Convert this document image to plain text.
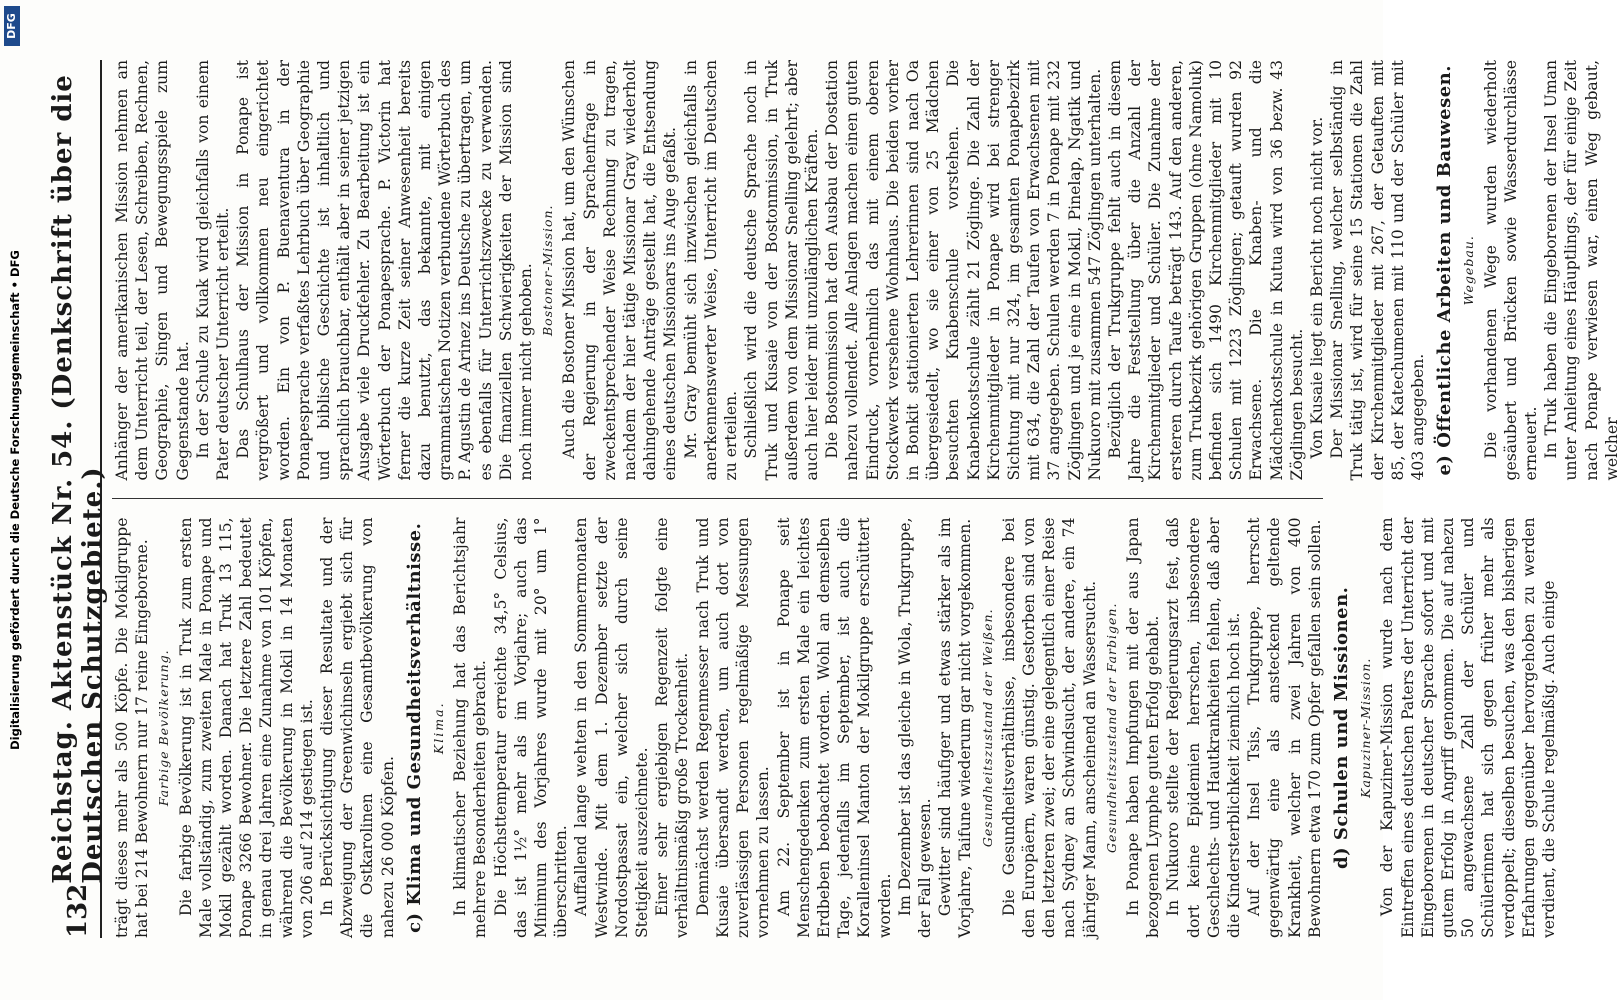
Digitalisierung gefördert durch die Deutsche Forschungsgemeinschaft • DFG
DFG
132
Reichstag. Aktenstück Nr. 54. (Denkschrift über die Deutschen Schutzgebiete.) trägt dieses mehr als 500 Köpfe. Die Mokilgruppe hat bei 214 Bewohnern nur 17 reine Eingeborene. Farbige Bevölkerung. Die farbige Bevölkerung ist in Truk zum ersten Male vollständig, zum zweiten Male in Ponape und Mokil gezählt worden. Danach hat Truk 13 115, Ponape 3266 Bewohner. Die letztere Zahl bedeutet in genau drei Jahren eine Zunahme von 101 Köpfen, während die Bevölkerung in Mokil in 14 Monaten von 206 auf 214 gestiegen ist. In Berücksichtigung dieser Resultate und der Abzweigung der Greenwichinseln ergiebt sich für die Ostkarolinen eine Gesamtbevölkerung von nahezu 26 000 Köpfen. c) Klima und Gesundheitsverhältnisse. Klima. In klimatischer Beziehung hat das Berichtsjahr mehrere Besonderheiten gebracht. Die Höchsttemperatur erreichte 34,5° Celsius, das ist 1½° mehr als im Vorjahre; auch das Minimum des Vorjahres wurde mit 20° um 1° überschritten. Auffallend lange wehten in den Sommermonaten Westwinde. Mit dem 1. Dezember setzte der Nordostpassat ein, welcher sich durch seine Stetigkeit auszeichnete. Einer sehr ergiebigen Regenzeit folgte eine verhältnismäßig große Trockenheit. Demnächst werden Regenmesser nach Truk und Kusaie übersandt werden, um auch dort von zuverlässigen Personen regelmäßige Messungen vornehmen zu lassen. Am 22. September ist in Ponape seit Menschengedenken zum ersten Male ein leichtes Erdbeben beobachtet worden. Wohl an demselben Tage, jedenfalls im September, ist auch die Koralleninsel Manton der Mokilgruppe erschüttert worden. Im Dezember ist das gleiche in Wola, Trukgruppe, der Fall gewesen. Gewitter sind häufiger und etwas stärker als im Vorjahre, Taifune wiederum gar nicht vorgekommen. Gesundheitszustand der Weißen. Die Gesundheitsverhältnisse, insbesondere bei den Europäern, waren günstig. Gestorben sind von den letzteren zwei; der eine gelegentlich einer Reise nach Sydney an Schwindsucht, der andere, ein 74 jähriger Mann, anscheinend an Wassersucht. Gesundheitszustand der Farbigen. In Ponape haben Impfungen mit der aus Japan bezogenen Lymphe guten Erfolg gehabt. In Nukuoro stellte der Regierungsarzt fest, daß dort keine Epidemien herrschen, insbesondere Geschlechts- und Hautkrankheiten fehlen, daß aber die Kindersterblichkeit ziemlich hoch ist. Auf der Insel Tsis, Trukgruppe, herrscht gegenwärtig eine als ansteckend geltende Krankheit, welcher in zwei Jahren von 400 Bewohnern etwa 170 zum Opfer gefallen sein sollen. d) Schulen und Missionen. Kapuziner-Mission. Von der Kapuziner-Mission wurde nach dem Eintreffen eines deutschen Paters der Unterricht der Eingeborenen in deutscher Sprache sofort und mit gutem Erfolg in Angriff genommen. Die auf nahezu 50 angewachsene Zahl der Schüler und Schülerinnen hat sich gegen früher mehr als verdoppelt; dieselben besuchen, was den bisherigen Erfahrungen gegenüber hervorgehoben zu werden verdient, die Schule regelmäßig. Auch einige

Anhänger der amerikanischen Mission nehmen an dem Unterricht teil, der Lesen, Schreiben, Rechnen, Geographie, Singen und Bewegungsspiele zum Gegenstande hat. In der Schule zu Kuak wird gleichfalls von einem Pater deutscher Unterricht erteilt. Das Schulhaus der Mission in Ponape ist vergrößert und vollkommen neu eingerichtet worden. Ein von P. Buenaventura in der Ponapesprache verfaßtes Lehrbuch über Geographie und biblische Geschichte ist inhaltlich und sprachlich brauchbar, enthält aber in seiner jetzigen Ausgabe viele Druckfehler. Zu Bearbeitung ist ein Wörterbuch der Ponapesprache. P. Victorin hat ferner die kurze Zeit seiner Anwesenheit bereits dazu benutzt, das bekannte, mit einigen grammatischen Notizen verbundene Wörterbuch des P. Agustin de Arinez ins Deutsche zu übertragen, um es ebenfalls für Unterrichtszwecke zu verwenden. Die finanziellen Schwierigkeiten der Mission sind noch immer nicht gehoben. Bostoner-Mission. Auch die Bostoner Mission hat, um den Wünschen der Regierung in der Sprachenfrage in zweckentsprechender Weise Rechnung zu tragen, nachdem der hier tätige Missionar Gray wiederholt dahingehende Anträge gestellt hat, die Entsendung eines deutschen Missionars ins Auge gefaßt. Mr. Gray bemüht sich inzwischen gleichfalls in anerkennenswerter Weise, Unterricht im Deutschen zu erteilen. Schließlich wird die deutsche Sprache noch in Truk und Kusaie von der Bostonmission, in Truk außerdem von dem Missionar Snelling gelehrt; aber auch hier leider mit unzulänglichen Kräften. Die Bostonmission hat den Ausbau der Dostation nahezu vollendet. Alle Anlagen machen einen guten Eindruck, vornehmlich das mit einem oberen Stockwerk versehene Wohnhaus. Die beiden vorher in Bonkit stationierten Lehrerinnen sind nach Oa übergesiedelt, wo sie einer von 25 Mädchen besuchten Knabenschule vorstehen. Die Knabenkostschule zählt 21 Zöglinge. Die Zahl der Kirchenmitglieder in Ponape wird bei strenger Sichtung mit nur 324, im gesamten Ponapebezirk mit 634, die Zahl der Taufen von Erwachsenen mit 37 angegeben. Schulen werden 7 in Ponape mit 232 Zöglingen und je eine in Mokil, Pinelap, Ngatik und Nukuoro mit zusammen 547 Zöglingen unterhalten. Bezüglich der Trukgruppe fehlt auch in diesem Jahre die Feststellung über die Anzahl der Kirchenmitglieder und Schüler. Die Zunahme der ersteren durch Taufe beträgt 143. Auf den anderen, zum Trukbezirk gehörigen Gruppen (ohne Namoluk) befinden sich 1490 Kirchenmitglieder mit 10 Schulen mit 1223 Zöglingen; getauft wurden 92 Erwachsene. Die Knaben- und die Mädchenkostschule in Kutua wird von 36 bezw. 43 Zöglingen besucht. Von Kusaie liegt ein Bericht noch nicht vor. Der Missionar Snelling, welcher selbständig in Truk tätig ist, wird für seine 15 Stationen die Zahl der Kirchenmitglieder mit 267, der Getauften mit 85, der Katechumenen mit 110 und der Schüler mit 403 angegeben. e) Öffentliche Arbeiten und Bauwesen. Wegebau. Die vorhandenen Wege wurden wiederholt gesäubert und Brücken sowie Wasserdurchlässe erneuert. In Truk haben die Eingeborenen der Insel Uman unter Anleitung eines Häuptlings, der für einige Zeit nach Ponape verwiesen war, einen Weg gebaut, welcher
